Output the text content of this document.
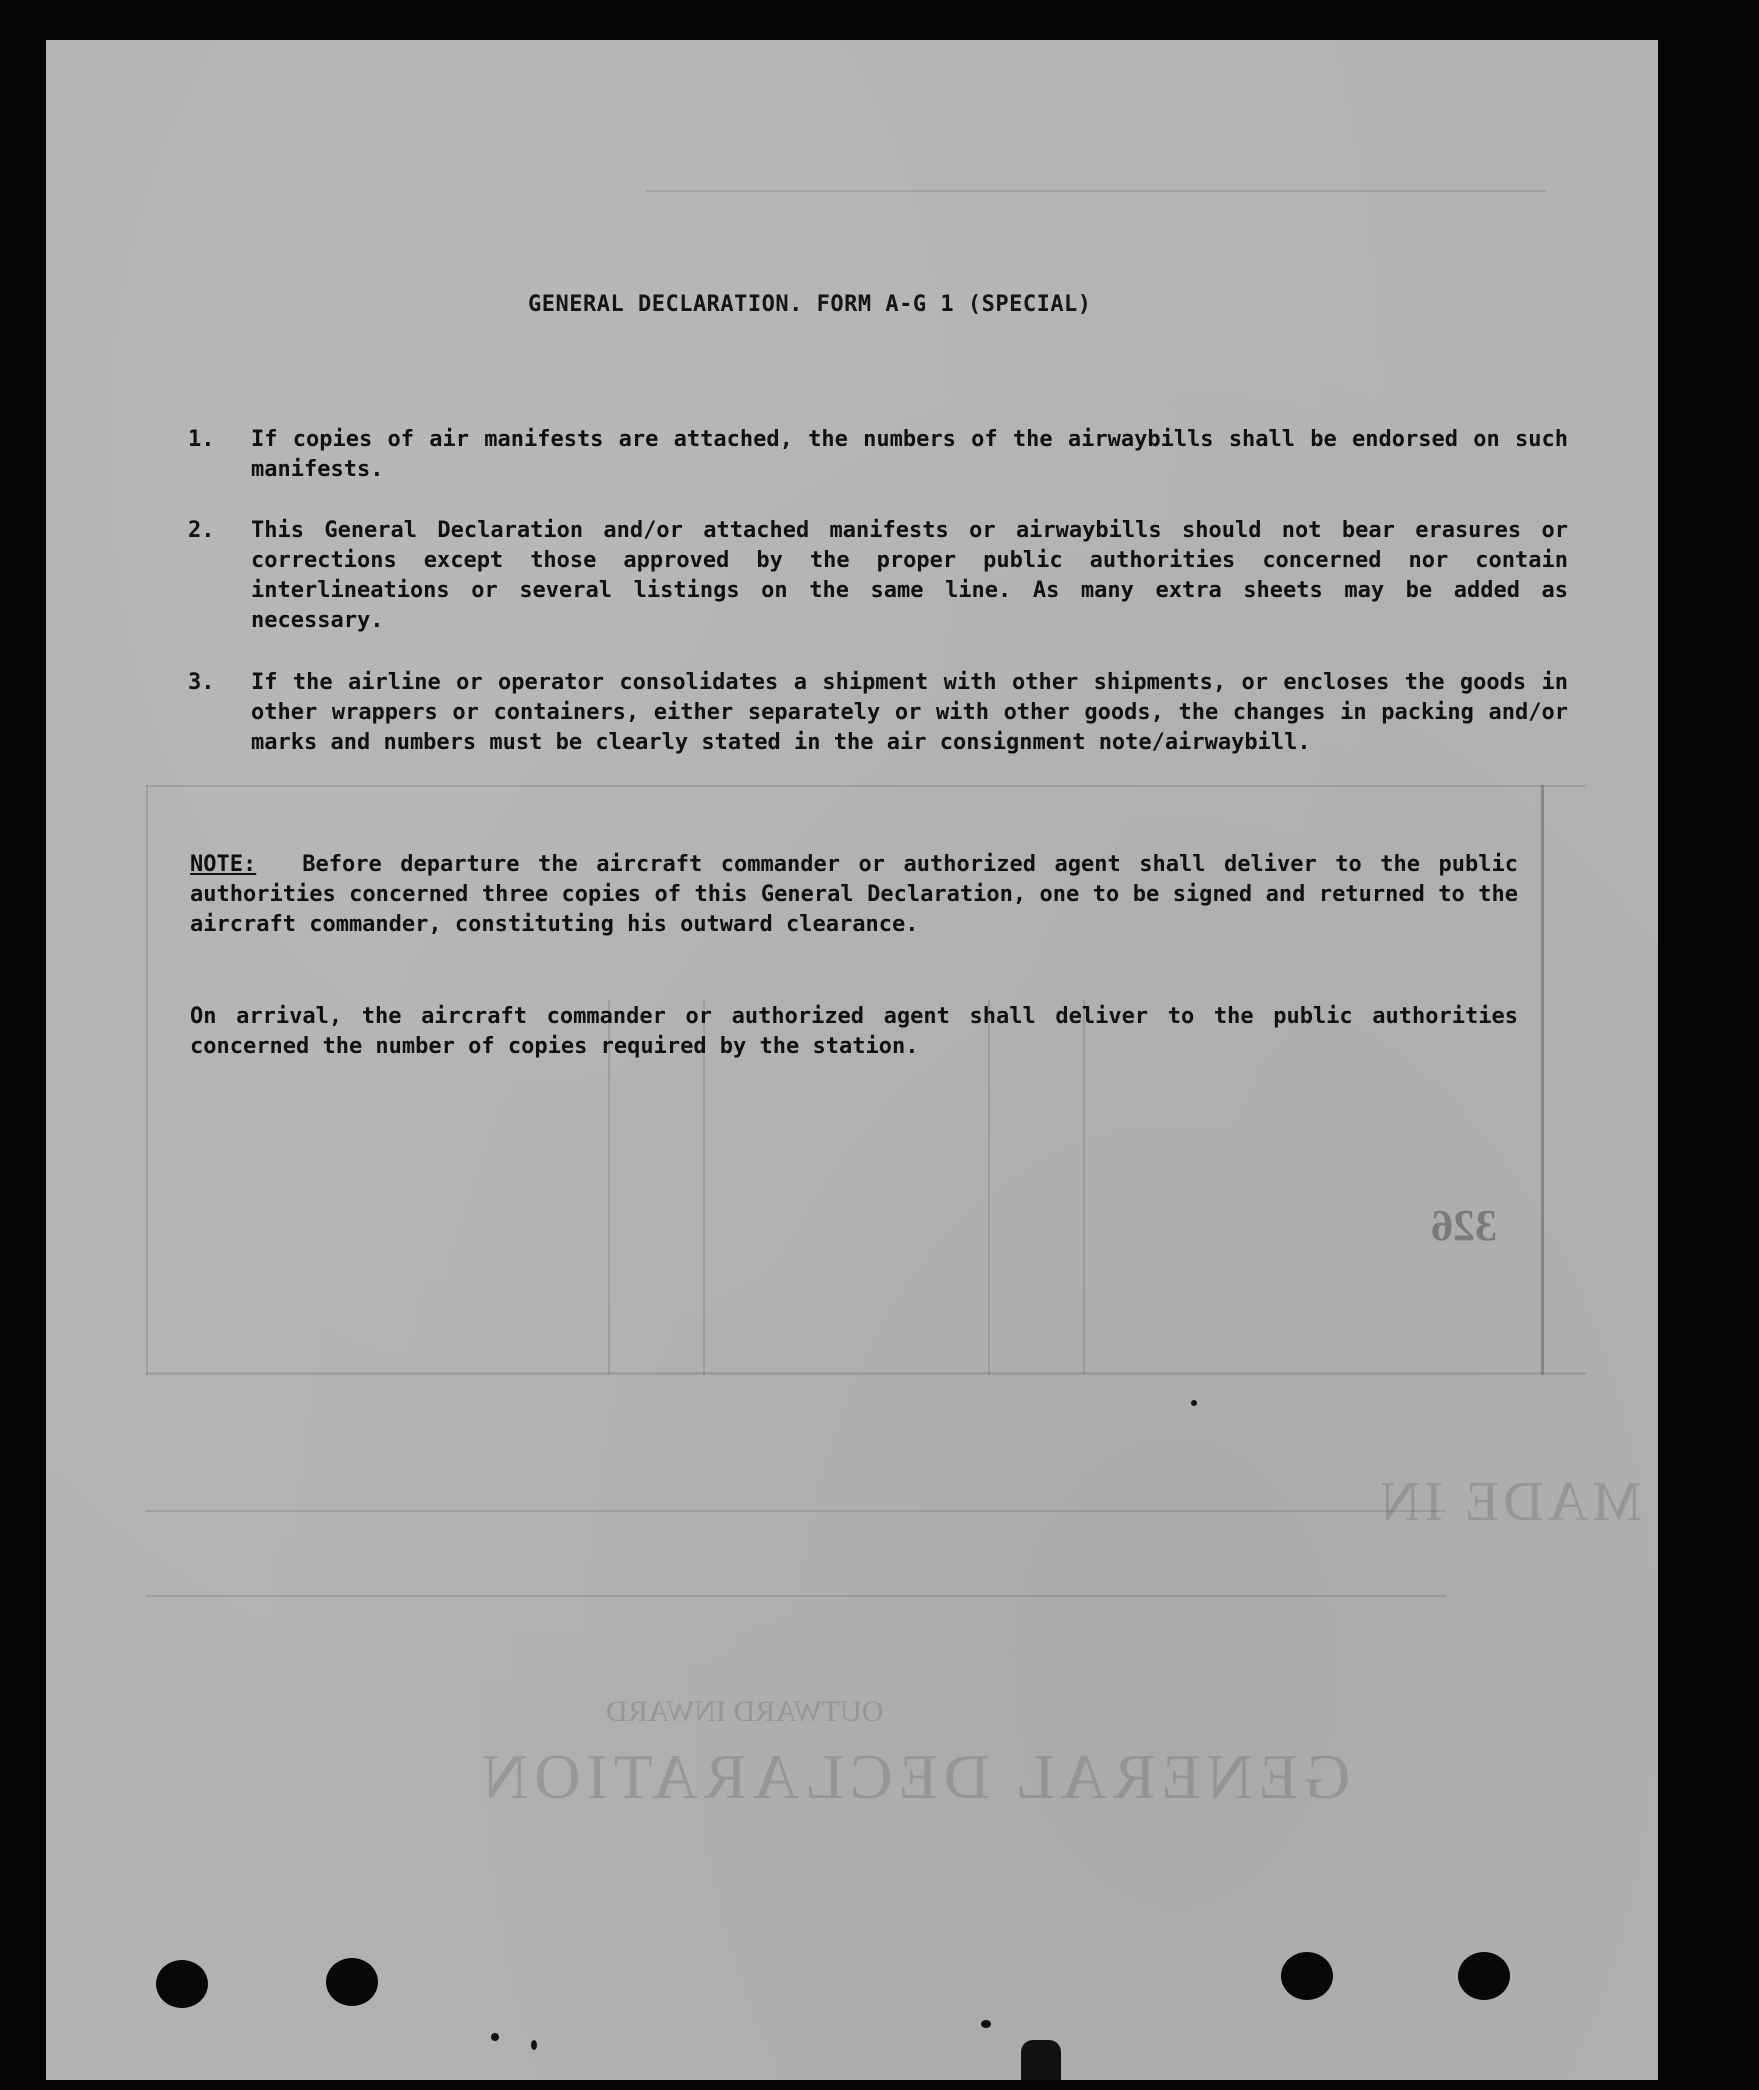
GENERAL DECLARATION
OUTWARD INWARD
MADE IN
326
GENERAL DECLARATION. FORM A-G 1 (SPECIAL)
1.	If copies of air manifests are attached, the numbers of the airwaybills shall be endorsed on such manifests.
2.	This General Declaration and/or attached manifests or airwaybills should not bear erasures or corrections except those approved by the proper public authorities concerned nor contain interlineations or several listings on the same line. As many extra sheets may be added as necessary.
3.	If the airline or operator consolidates a shipment with other shipments, or encloses the goods in other wrappers or containers, either separately or with other goods, the changes in packing and/or marks and numbers must be clearly stated in the air consignment note/airwaybill.
NOTE: Before departure the aircraft commander or authorized agent shall deliver to the public authorities concerned three copies of this General Declaration, one to be signed and returned to the aircraft commander, constituting his outward clearance.
On arrival, the aircraft commander or authorized agent shall deliver to the public authorities concerned the number of copies required by the station.
